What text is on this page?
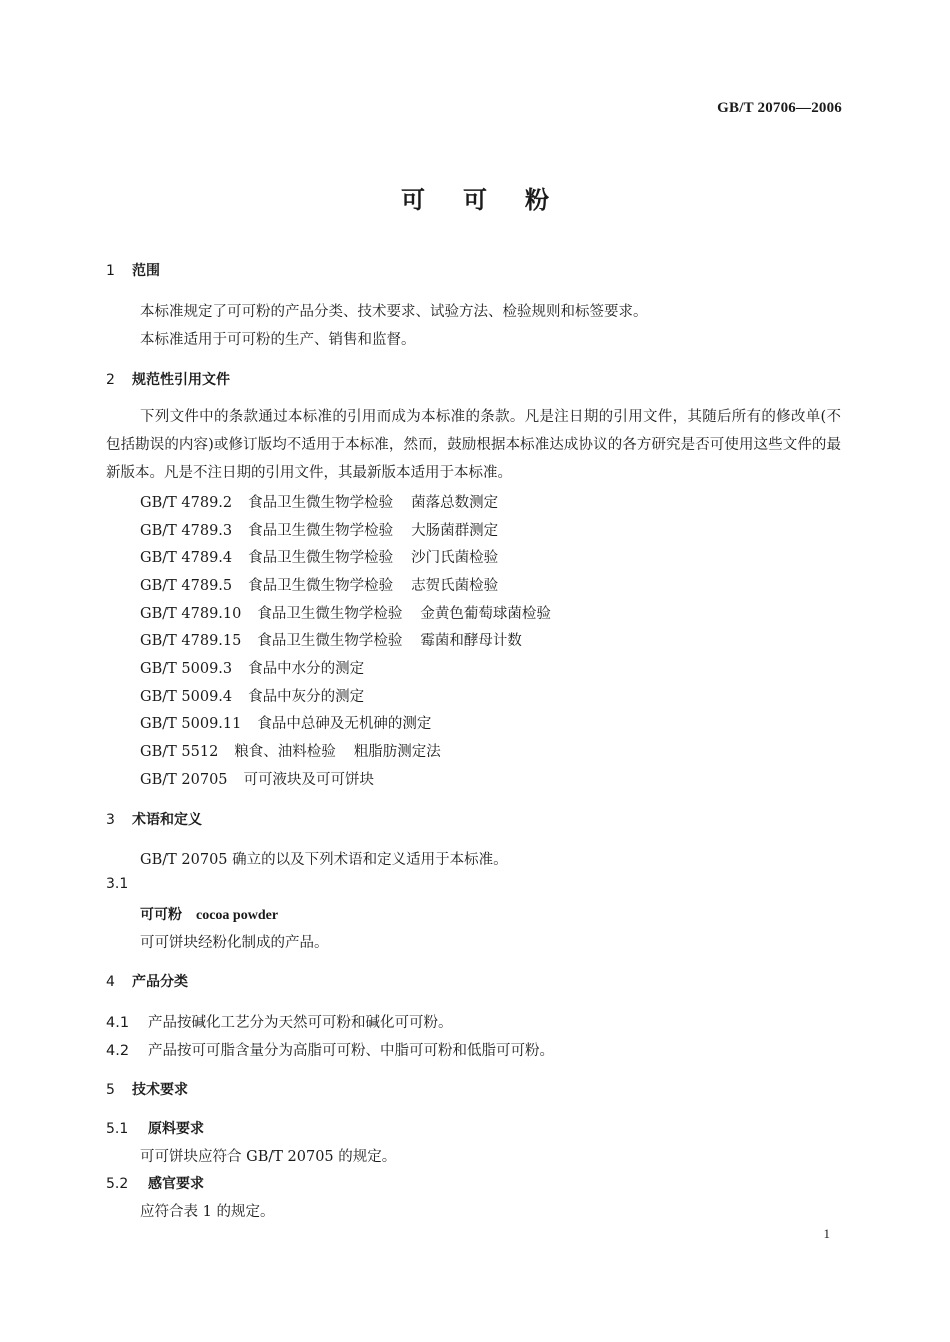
GB/T 20706—2006
可可粉
1 范围
本标准规定了可可粉的产品分类、技术要求、试验方法、检验规则和标签要求。
本标准适用于可可粉的生产、销售和监督。
2 规范性引用文件
下列文件中的条款通过本标准的引用而成为本标准的条款。凡是注日期的引用文件，其随后所有的修改单(不包括勘误的内容)或修订版均不适用于本标准，然而，鼓励根据本标准达成协议的各方研究是否可使用这些文件的最新版本。凡是不注日期的引用文件，其最新版本适用于本标准。
GB/T 4789.2 食品卫生微生物学检验 菌落总数测定
GB/T 4789.3 食品卫生微生物学检验 大肠菌群测定
GB/T 4789.4 食品卫生微生物学检验 沙门氏菌检验
GB/T 4789.5 食品卫生微生物学检验 志贺氏菌检验
GB/T 4789.10 食品卫生微生物学检验 金黄色葡萄球菌检验
GB/T 4789.15 食品卫生微生物学检验 霉菌和酵母计数
GB/T 5009.3 食品中水分的测定
GB/T 5009.4 食品中灰分的测定
GB/T 5009.11 食品中总砷及无机砷的测定
GB/T 5512 粮食、油料检验 粗脂肪测定法
GB/T 20705 可可液块及可可饼块
3 术语和定义
GB/T 20705 确立的以及下列术语和定义适用于本标准。
3.1
可可粉 cocoa powder
可可饼块经粉化制成的产品。
4 产品分类
4.1 产品按碱化工艺分为天然可可粉和碱化可可粉。
4.2 产品按可可脂含量分为高脂可可粉、中脂可可粉和低脂可可粉。
5 技术要求
5.1 原料要求
可可饼块应符合 GB/T 20705 的规定。
5.2 感官要求
应符合表 1 的规定。
1
